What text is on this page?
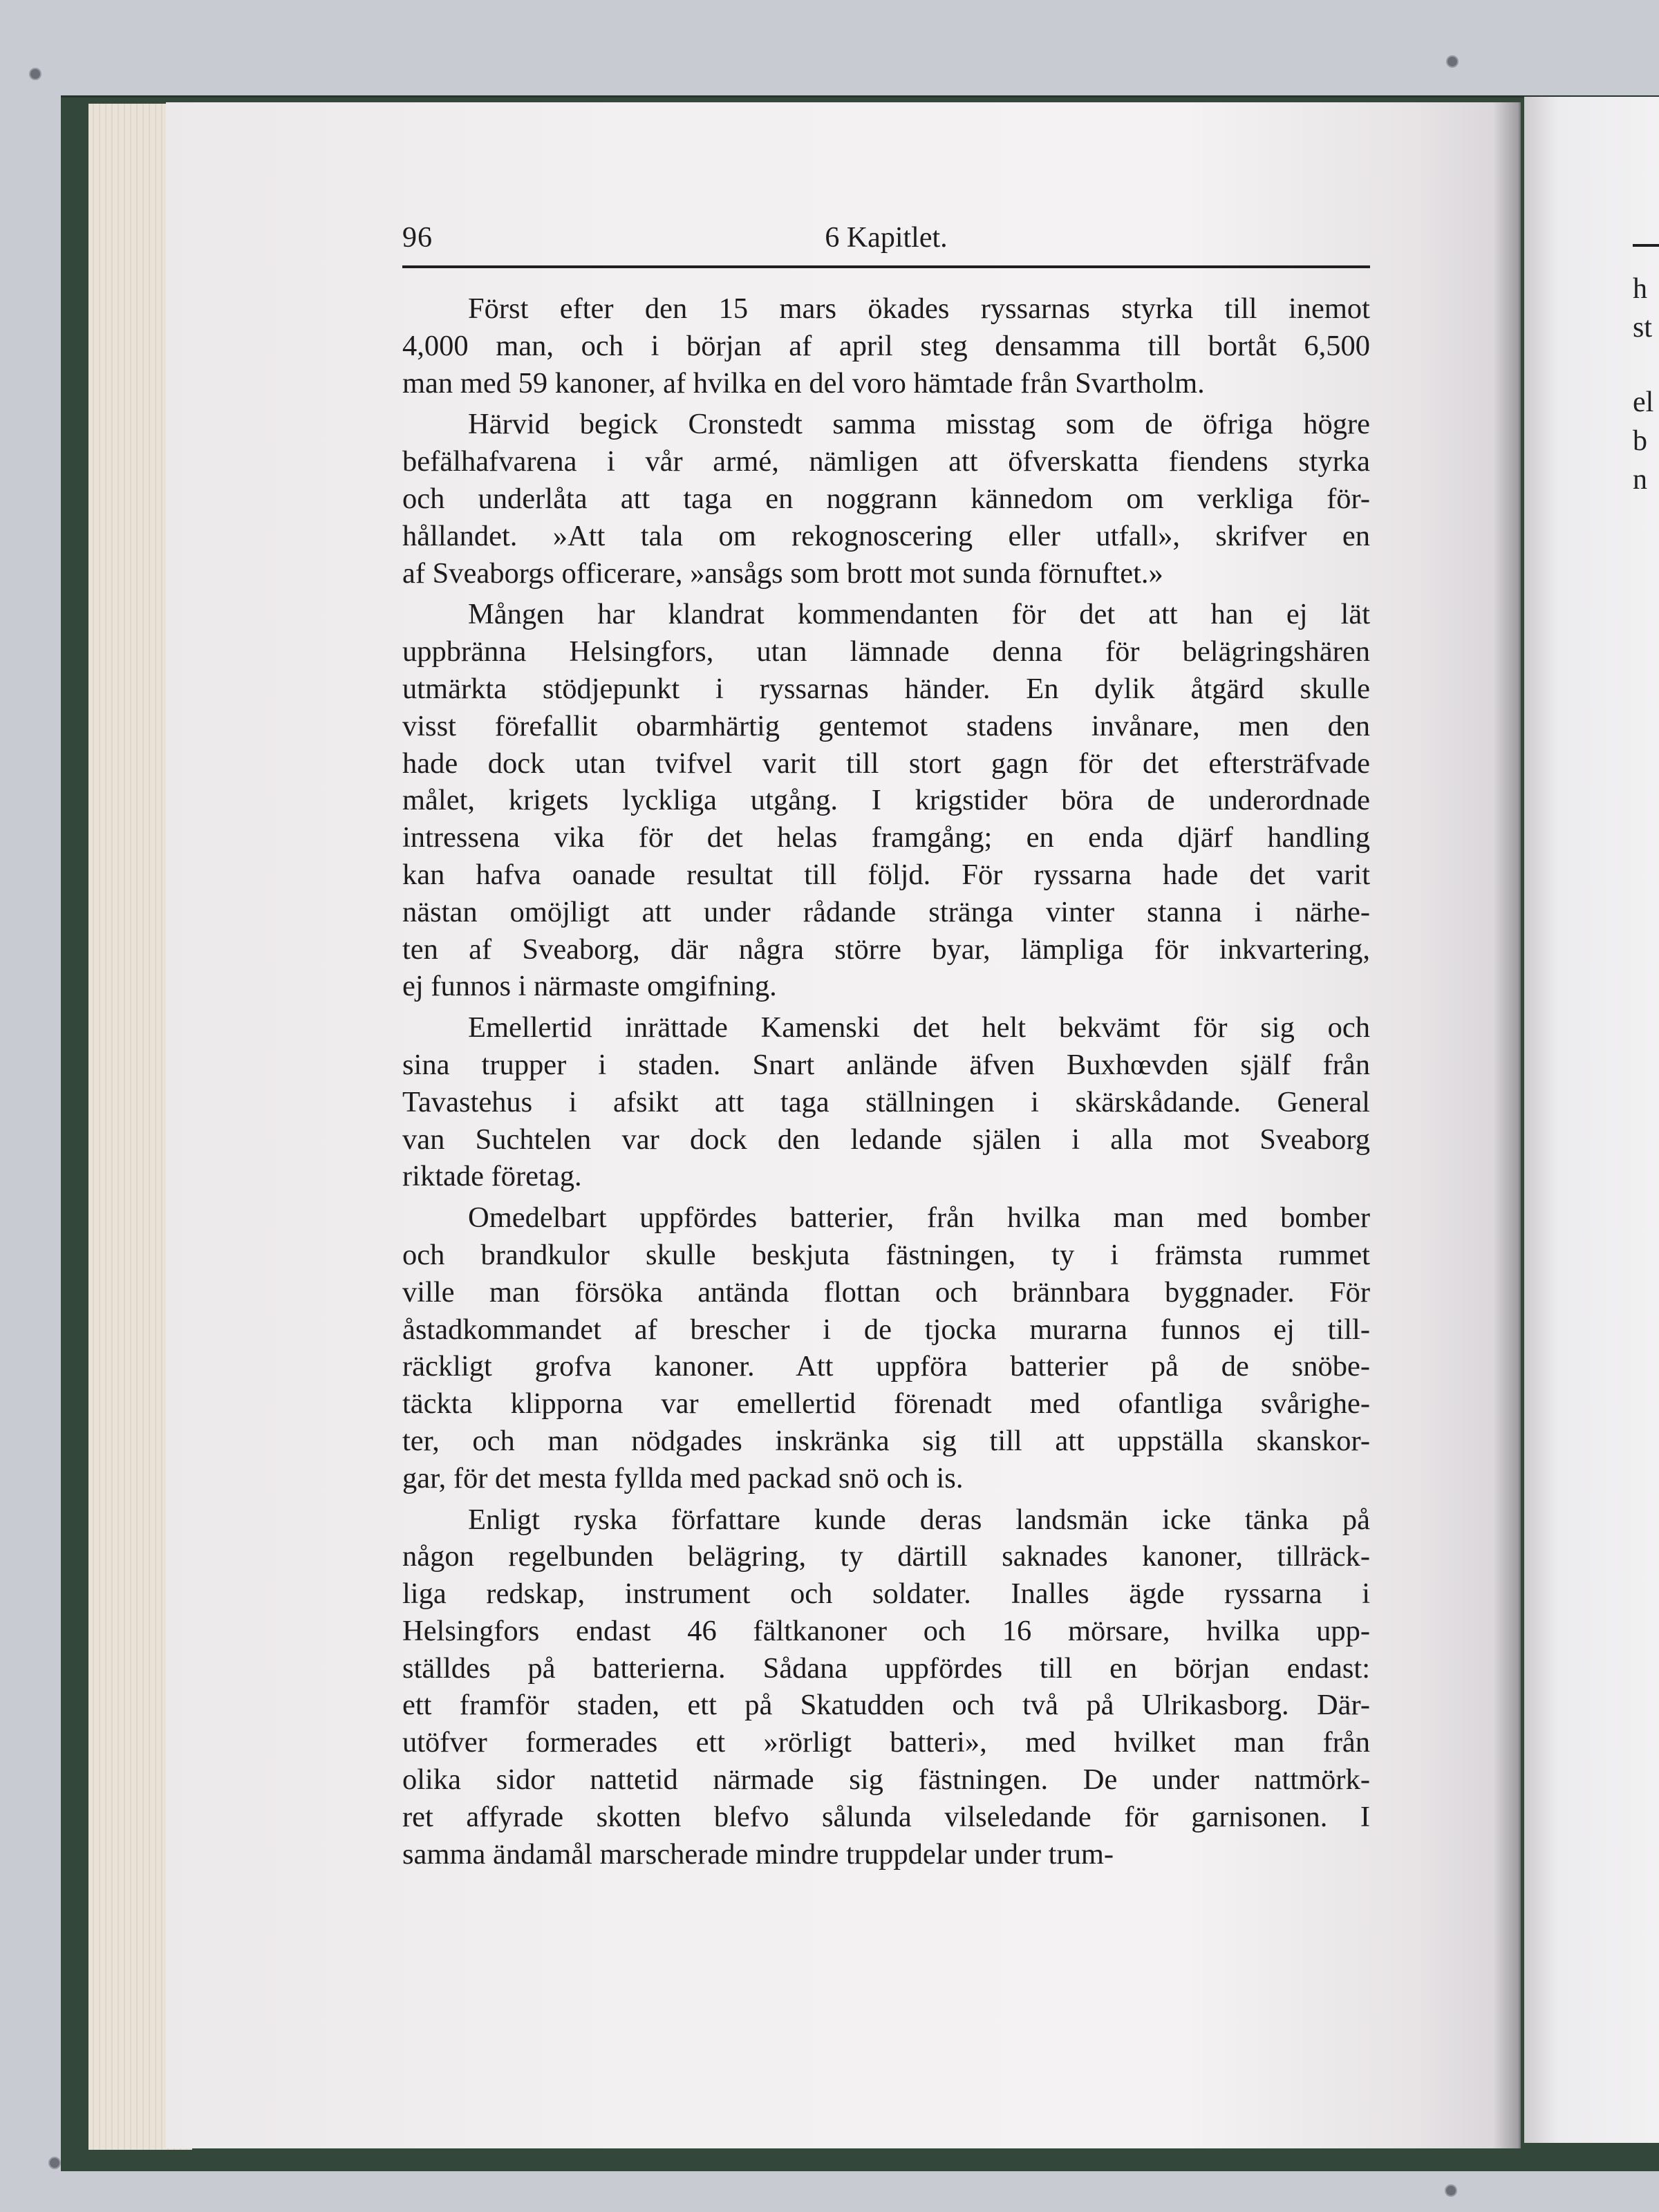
96	6 Kapitlet.

Först efter den 15 mars ökades ryssarnas styrka till inemot
4,000 man, och i början af april steg densamma till bortåt 6,500
man med 59 kanoner, af hvilka en del voro hämtade från Svartholm.

Härvid begick Cronstedt samma misstag som de öfriga högre
befälhafvarena i vår armé, nämligen att öfverskatta fiendens styrka
och underlåta att taga en noggrann kännedom om verkliga för-
hållandet. »Att tala om rekognoscering eller utfall», skrifver en
af Sveaborgs officerare, »ansågs som brott mot sunda förnuftet.»

Mången har klandrat kommendanten för det att han ej lät
uppbränna Helsingfors, utan lämnade denna för belägringshären
utmärkta stödjepunkt i ryssarnas händer. En dylik åtgärd skulle
visst förefallit obarmhärtig gentemot stadens invånare, men den
hade dock utan tvifvel varit till stort gagn för det eftersträfvade
målet, krigets lyckliga utgång. I krigstider böra de underordnade
intressena vika för det helas framgång; en enda djärf handling
kan hafva oanade resultat till följd. För ryssarna hade det varit
nästan omöjligt att under rådande stränga vinter stanna i närhe-
ten af Sveaborg, där några större byar, lämpliga för inkvartering,
ej funnos i närmaste omgifning.

Emellertid inrättade Kamenski det helt bekvämt för sig och
sina trupper i staden. Snart anlände äfven Buxhœvden själf från
Tavastehus i afsikt att taga ställningen i skärskådande. General
van Suchtelen var dock den ledande själen i alla mot Sveaborg
riktade företag.

Omedelbart uppfördes batterier, från hvilka man med bomber
och brandkulor skulle beskjuta fästningen, ty i främsta rummet
ville man försöka antända flottan och brännbara byggnader. För
åstadkommandet af brescher i de tjocka murarna funnos ej till-
räckligt grofva kanoner. Att uppföra batterier på de snöbe-
täckta klipporna var emellertid förenadt med ofantliga svårighe-
ter, och man nödgades inskränka sig till att uppställa skanskor-
gar, för det mesta fyllda med packad snö och is.

Enligt ryska författare kunde deras landsmän icke tänka på
någon regelbunden belägring, ty därtill saknades kanoner, tillräck-
liga redskap, instrument och soldater. Inalles ägde ryssarna i
Helsingfors endast 46 fältkanoner och 16 mörsare, hvilka upp-
ställdes på batterierna. Sådana uppfördes till en början endast:
ett framför staden, ett på Skatudden och två på Ulrikasborg. Där-
utöfver formerades ett »rörligt batteri», med hvilket man från
olika sidor nattetid närmade sig fästningen. De under nattmörk-
ret affyrade skotten blefvo sålunda vilseledande för garnisonen. I
samma ändamål marscherade mindre truppdelar under trum-

h
st
el
b
n
